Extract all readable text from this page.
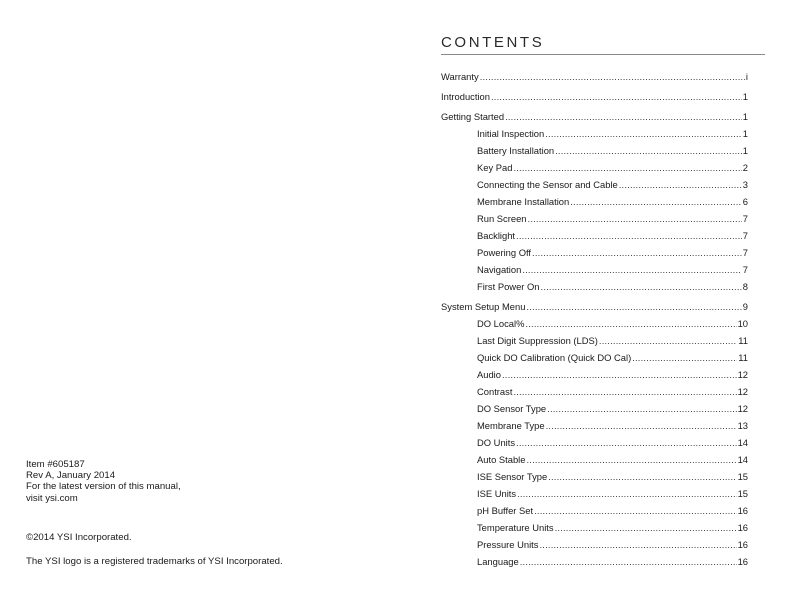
Item #605187
Rev A, January 2014
For the latest version of this manual,
visit ysi.com
©2014 YSI Incorporated.
The YSI logo is a registered trademarks of YSI Incorporated.
CONTENTS
Warranty .....	i
Introduction .....	1
Getting Started .....	1
Initial Inspection .....	1
Battery Installation .....	1
Key Pad .....	2
Connecting the Sensor and Cable .....	3
Membrane Installation .....	6
Run Screen .....	7
Backlight .....	7
Powering Off .....	7
Navigation .....	7
First Power On .....	8
System Setup Menu .....	9
DO Local% .....	10
Last Digit Suppression (LDS) .....	11
Quick DO Calibration (Quick DO Cal) .....	11
Audio .....	12
Contrast .....	12
DO Sensor Type .....	12
Membrane Type .....	13
DO Units .....	14
Auto Stable .....	14
ISE Sensor Type .....	15
ISE Units .....	15
pH Buffer Set .....	16
Temperature Units .....	16
Pressure Units .....	16
Language .....	16
